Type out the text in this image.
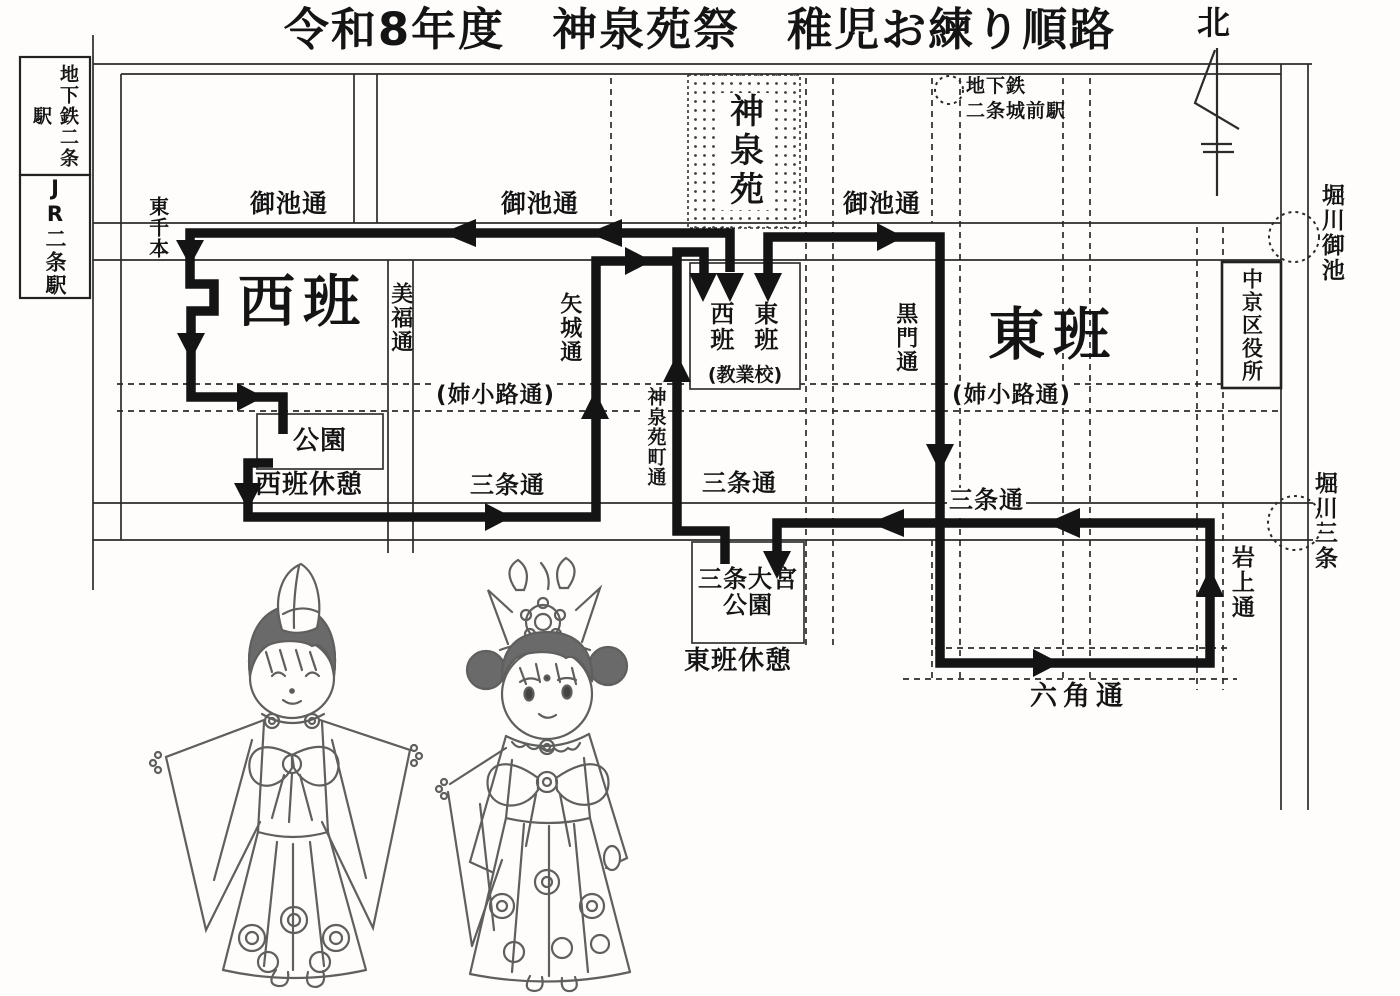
令和8年度　神泉苑祭　稚児お練り順路
地下鉄二条駅
JR二条駅
北
地下鉄
二条城前駅
神泉苑
堀川御池
堀川三条
中京区役所
御池通	御池通	御池通
東千本
西班	東班
美福通	矢城通
神泉苑町通
黒門通
西班 東班
(教業校)
(姉小路通)	(姉小路通)
公園
西班休憩	三条通	三条通
三条通
三条大宮
公園
東班休憩
岩上通
六角通
